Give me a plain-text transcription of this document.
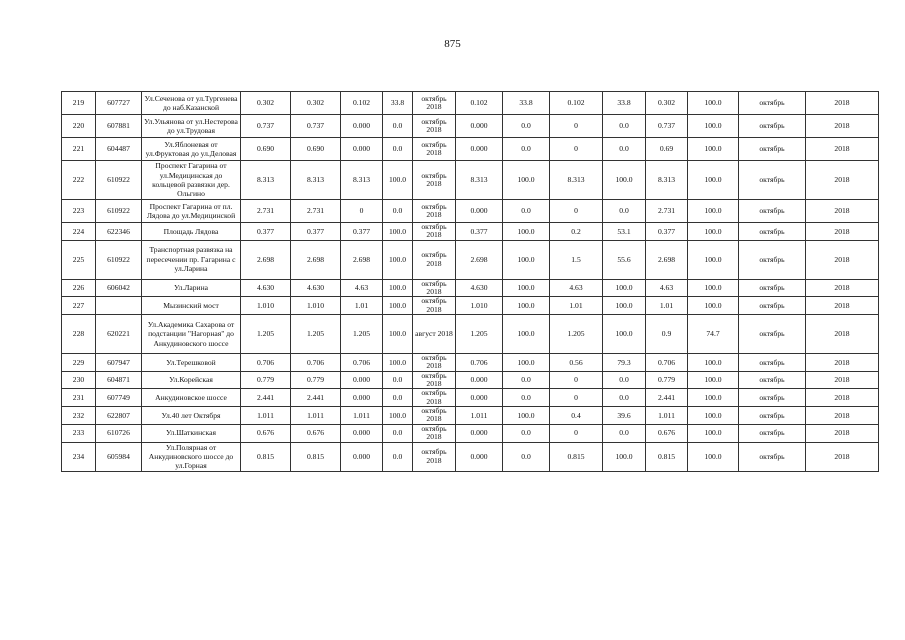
875
219	607727	Ул.Сеченова от ул.Тургенева до наб.Казанской	0.302	0.302	0.102	33.8	октябрь 2018	0.102	33.8	0.102	33.8	0.302	100.0	октябрь	2018
220	607881	Ул.Ульянова от ул.Нестерова до ул.Трудовая	0.737	0.737	0.000	0.0	октябрь 2018	0.000	0.0	0	0.0	0.737	100.0	октябрь	2018
221	604487	Ул.Яблоневая от ул.Фруктовая до ул.Деловая	0.690	0.690	0.000	0.0	октябрь 2018	0.000	0.0	0	0.0	0.69	100.0	октябрь	2018
222	610922	Проспект Гагарина от ул.Медицинская до кольцевой развязки дер. Ольгино	8.313	8.313	8.313	100.0	октябрь 2018	8.313	100.0	8.313	100.0	8.313	100.0	октябрь	2018
223	610922	Проспект Гагарина от пл. Лядова до ул.Медицинской	2.731	2.731	0	0.0	октябрь 2018	0.000	0.0	0	0.0	2.731	100.0	октябрь	2018
224	622346	Площадь Лядова	0.377	0.377	0.377	100.0	октябрь 2018	0.377	100.0	0.2	53.1	0.377	100.0	октябрь	2018
225	610922	Транспортная развязка на пересечении пр. Гагарина с ул.Ларина	2.698	2.698	2.698	100.0	октябрь 2018	2.698	100.0	1.5	55.6	2.698	100.0	октябрь	2018
226	606042	Ул.Ларина	4.630	4.630	4.63	100.0	октябрь 2018	4.630	100.0	4.63	100.0	4.63	100.0	октябрь	2018
227		Мызинский мост	1.010	1.010	1.01	100.0	октябрь 2018	1.010	100.0	1.01	100.0	1.01	100.0	октябрь	2018
228	620221	Ул.Академика Сахарова от подстанции "Нагорная" до Анкудиновского шоссе	1.205	1.205	1.205	100.0	август 2018	1.205	100.0	1.205	100.0	0.9	74.7	октябрь	2018
229	607947	Ул.Терешковой	0.706	0.706	0.706	100.0	октябрь 2018	0.706	100.0	0.56	79.3	0.706	100.0	октябрь	2018
230	604871	Ул.Корейская	0.779	0.779	0.000	0.0	октябрь 2018	0.000	0.0	0	0.0	0.779	100.0	октябрь	2018
231	607749	Анкудиновское шоссе	2.441	2.441	0.000	0.0	октябрь 2018	0.000	0.0	0	0.0	2.441	100.0	октябрь	2018
232	622807	Ул.40 лет Октября	1.011	1.011	1.011	100.0	октябрь 2018	1.011	100.0	0.4	39.6	1.011	100.0	октябрь	2018
233	610726	Ул.Шаткинская	0.676	0.676	0.000	0.0	октябрь 2018	0.000	0.0	0	0.0	0.676	100.0	октябрь	2018
234	605984	Ул.Полярная от Анкудиновского шоссе до ул.Горная	0.815	0.815	0.000	0.0	октябрь 2018	0.000	0.0	0.815	100.0	0.815	100.0	октябрь	2018
